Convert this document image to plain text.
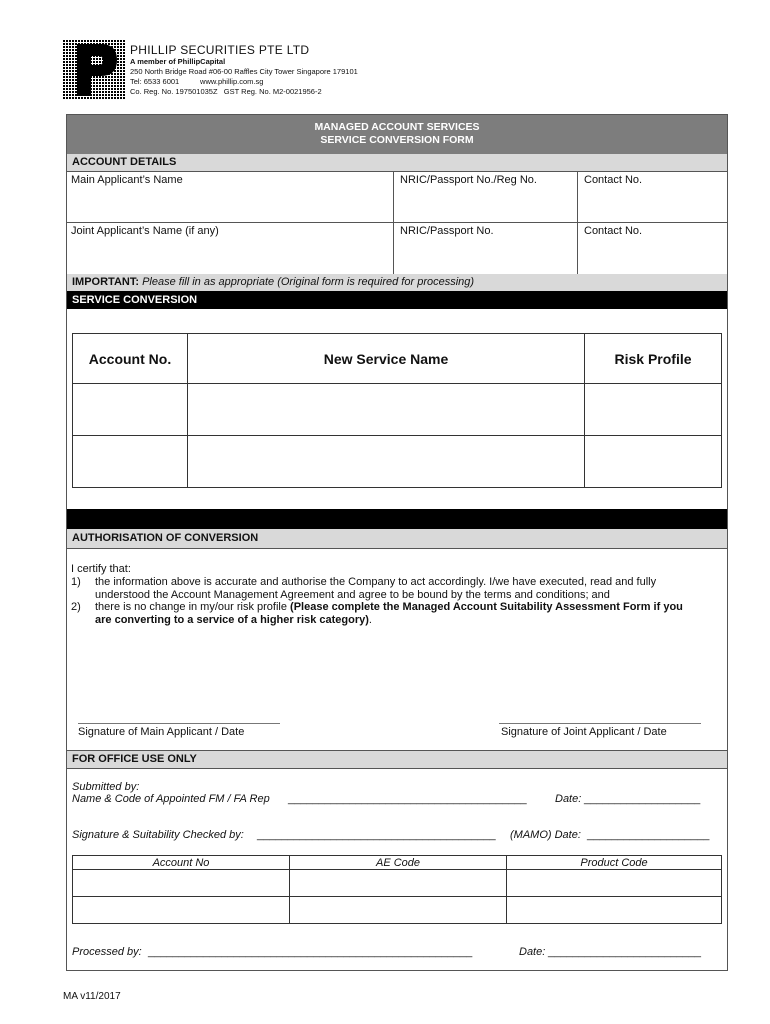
PHILLIP SECURITIES PTE LTD
A member of PhillipCapital
250 North Bridge Road #06-00 Raffles City Tower Singapore 179101
Tel: 6533 6001          www.phillip.com.sg
Co. Reg. No. 197501035Z   GST Reg. No. M2-0021956-2
MANAGED ACCOUNT SERVICES
SERVICE CONVERSION FORM
ACCOUNT DETAILS
Main Applicant’s Name	NRIC/Passport No./Reg No.	Contact No.
Joint Applicant’s Name (if any)	NRIC/Passport No.	Contact No.
IMPORTANT: Please fill in as appropriate (Original form is required for processing)
SERVICE CONVERSION
Account No.	New Service Name	Risk Profile

AUTHORISATION OF CONVERSION
I certify that:
1) the information above is accurate and authorise the Company to act accordingly. I/we have executed, read and fully
understood the Account Management Agreement and agree to be bound by the terms and conditions; and
2) there is no change in my/our risk profile (Please complete the Managed Account Suitability Assessment Form if you
are converting to a service of a higher risk category).
Signature of Main Applicant / Date	Signature of Joint Applicant / Date
FOR OFFICE USE ONLY
Submitted by:
Name & Code of Appointed FM / FA Rep _______________________________________	Date: ___________________
Signature & Suitability Checked by: _______________________________________ (MAMO) Date: ____________________
Account No	AE Code	Product Code

Processed by: _____________________________________________________	Date: _________________________
MA v11/2017
